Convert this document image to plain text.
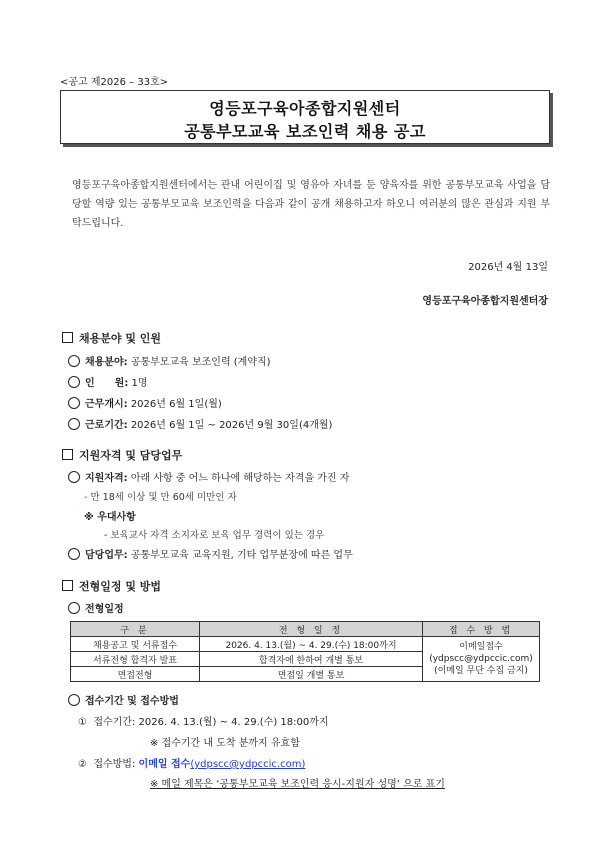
<공고 제2026 – 33호>
영등포구육아종합지원센터
공통부모교육 보조인력 채용 공고
영등포구육아종합지원센터에서는 관내 어린이집 및 영유아 자녀를 둔 양육자를 위한 공통부모교육 사업을 담당할 역량 있는 공통부모교육 보조인력을 다음과 같이 공개 채용하고자 하오니 여러분의 많은 관심과 지원 부탁드립니다.
2026년 4월 13일
영등포구육아종합지원센터장
채용분야 및 인원
채용분야: 공통부모교육 보조인력 (계약직)
인　　원: 1명
근무개시: 2026년 6월 1일(월)
근로기간: 2026년 6월 1일 ~ 2026년 9월 30일(4개월)
지원자격 및 담당업무
지원자격: 아래 사항 중 어느 하나에 해당하는 자격을 가진 자
- 만 18세 이상 및 만 60세 미만인 자
※ 우대사항
- 보육교사 자격 소지자로 보육 업무 경력이 있는 경우
담당업무: 공통부모교육 교육지원, 기타 업무분장에 따른 업무
전형일정 및 방법
전형일정
구 분	전 형 일 정	접 수 방 법
채용공고 및 서류접수	2026. 4. 13.(월) ~ 4. 29.(수) 18:00까지	이메일접수
(ydpscc@ydpccic.com)
(이메일 무단 수집 금지)

서류전형 합격자 발표	합격자에 한하여 개별 통보	
면접전형	면접일 개별 통보	
접수기간 및 접수방법
① 접수기간: 2026. 4. 13.(월) ~ 4. 29.(수) 18:00까지
※ 접수기간 내 도착 분까지 유효함
② 접수방법: 이메일 접수(ydpscc@ydpccic.com)
※ 메일 제목은 ‘공통부모교육 보조인력 응시-지원자 성명’ 으로 표기
